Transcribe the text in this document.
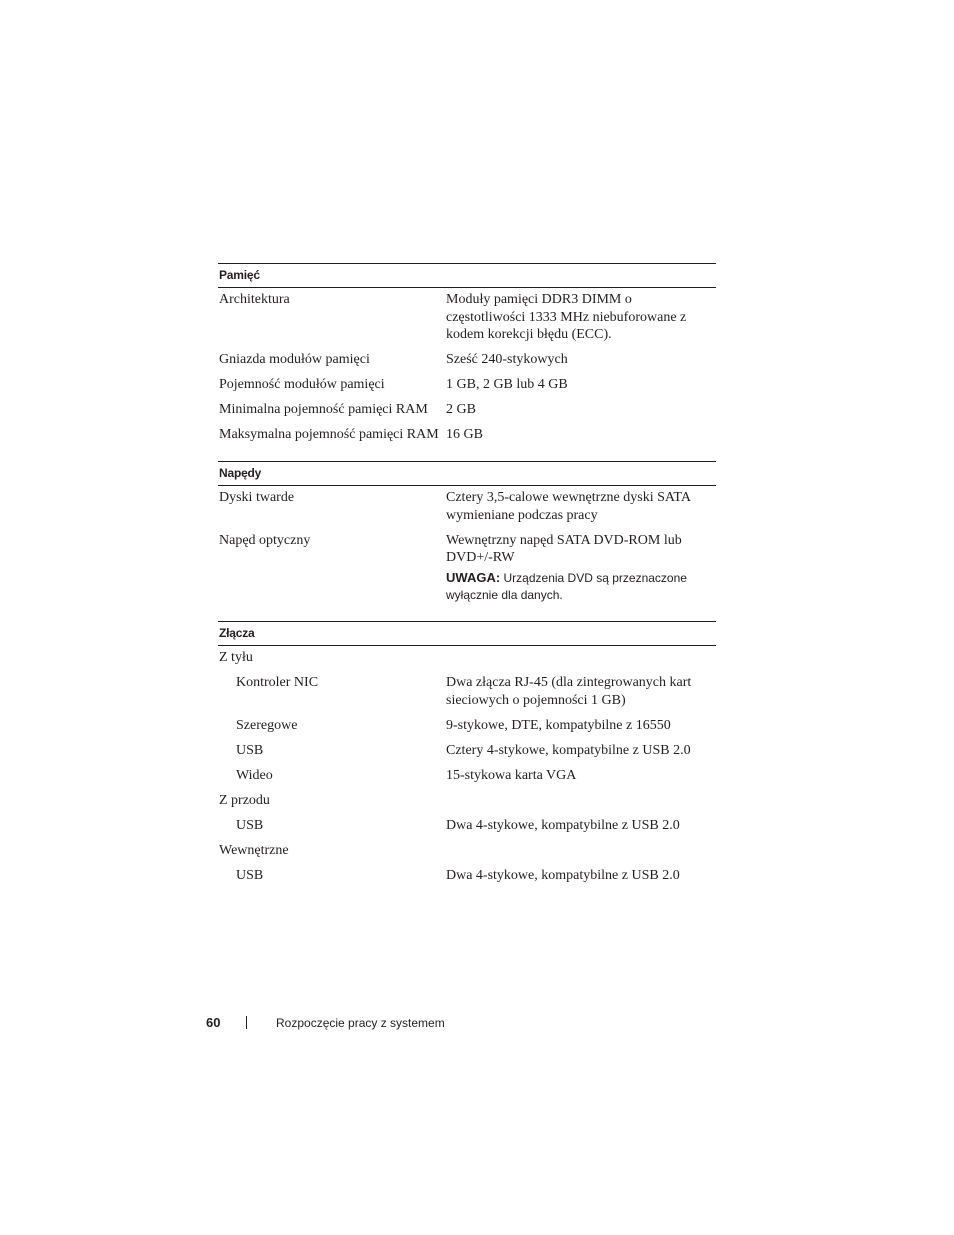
Pamięć
Architektura	Moduły pamięci DDR3 DIMM o częstotliwości 1333 MHz niebuforowane z kodem korekcji błędu (ECC).
Gniazda modułów pamięci	Sześć 240-stykowych
Pojemność modułów pamięci	1 GB, 2 GB lub 4 GB
Minimalna pojemność pamięci RAM	2 GB
Maksymalna pojemność pamięci RAM 16 GB
Napędy
Dyski twarde	Cztery 3,5-calowe wewnętrzne dyski SATA wymieniane podczas pracy
Napęd optyczny	Wewnętrzny napęd SATA DVD-ROM lub DVD+/-RW
UWAGA: Urządzenia DVD są przeznaczone wyłącznie dla danych.
Złącza
Z tyłu
Kontroler NIC	Dwa złącza RJ-45 (dla zintegrowanych kart sieciowych o pojemności 1 GB)
Szeregowe	9-stykowe, DTE, kompatybilne z 16550
USB	Cztery 4-stykowe, kompatybilne z USB 2.0
Wideo	15-stykowa karta VGA
Z przodu
USB	Dwa 4-stykowe, kompatybilne z USB 2.0
Wewnętrzne
USB	Dwa 4-stykowe, kompatybilne z USB 2.0
60	Rozpoczęcie pracy z systemem
